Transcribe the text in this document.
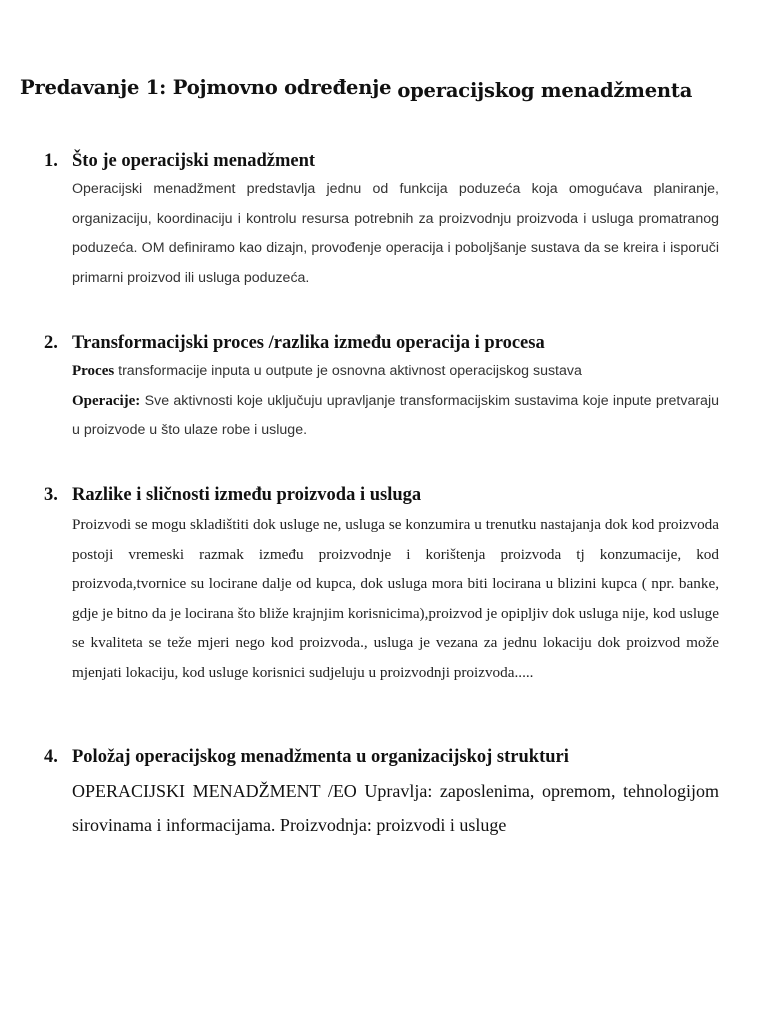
Predavanje 1: Pojmovno određenje operacijskog menadžmenta
1. Što je operacijski menadžment

Operacijski menadžment predstavlja jednu od funkcija poduzeća koja omogućava planiranje, organizaciju, koordinaciju i kontrolu resursa potrebnih za proizvodnju proizvoda i usluga promatranog poduzeća. OM definiramo kao dizajn, provođenje operacija i poboljšanje sustava da se kreira i isporuči primarni proizvod ili usluga poduzeća.

2. Transformacijski proces /razlika između operacija i procesa

Proces transformacije inputa u outpute je osnovna aktivnost operacijskog sustava

Operacije: Sve aktivnosti koje uključuju upravljanje transformacijskim sustavima koje inpute pretvaraju u proizvode u što ulaze robe i usluge.

3. Razlike i sličnosti između proizvoda i usluga

Proizvodi se mogu skladištiti dok usluge ne, usluga se konzumira u trenutku nastajanja dok kod proizvoda postoji vremeski razmak između proizvodnje i korištenja proizvoda tj konzumacije, kod proizvoda,tvornice su locirane dalje od kupca, dok usluga mora biti locirana u blizini kupca ( npr. banke, gdje je bitno da je locirana što bliže krajnjim korisnicima),proizvod je opipljiv dok usluga nije, kod usluge se kvaliteta se teže mjeri nego kod proizvoda., usluga je vezana za jednu lokaciju dok proizvod može mjenjati lokaciju, kod usluge korisnici sudjeluju u proizvodnji proizvoda.....

4. Položaj operacijskog menadžmenta u organizacijskoj strukturi

OPERACIJSKI MENADŽMENT /EO Upravlja: zaposlenima, opremom, tehnologijom sirovinama i informacijama. Proizvodnja: proizvodi i usluge
